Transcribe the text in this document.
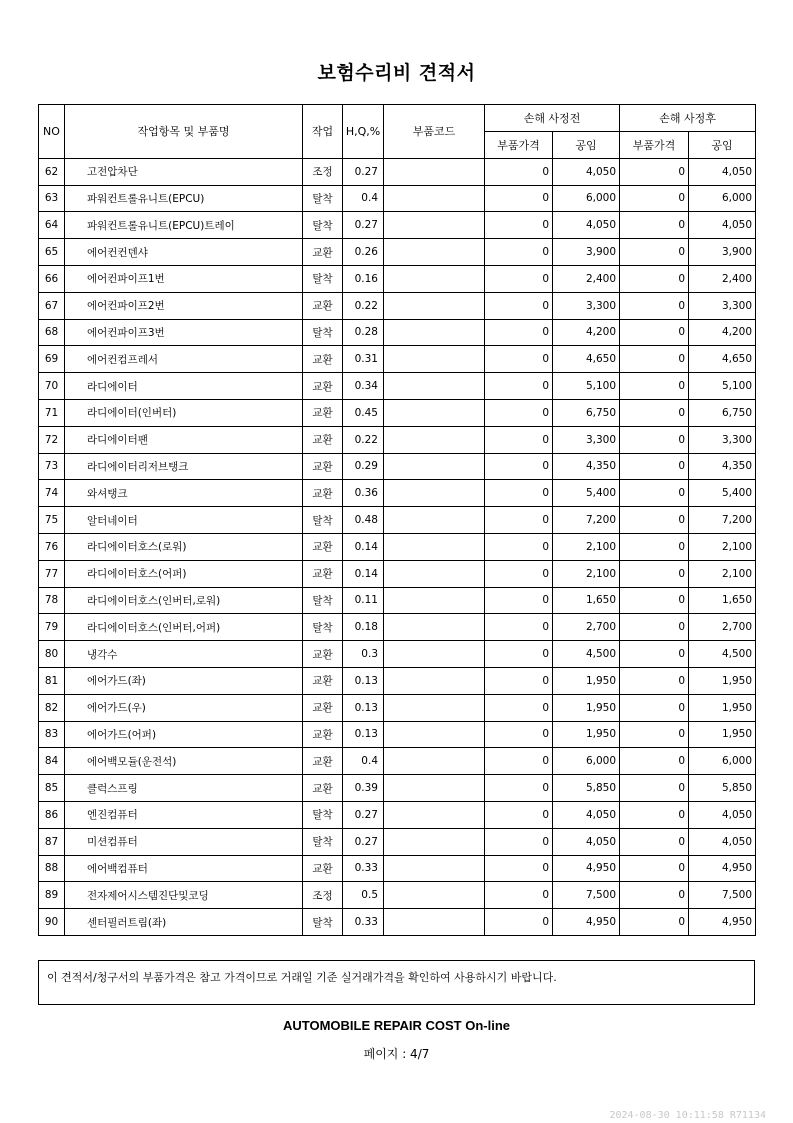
보험수리비 견적서
NO	작업항목 및 부품명	작업	H,Q,%	부품코드	손해 사정전		손해 사정후	
					부품가격	공임	부품가격	공임
62	고전압차단	조정	0.27		0	4,050	0	4,050
63	파워컨트롤유니트(EPCU)	탈착	0.4		0	6,000	0	6,000
64	파워컨트롤유니트(EPCU)트레이	탈착	0.27		0	4,050	0	4,050
65	에어컨컨덴샤	교환	0.26		0	3,900	0	3,900
66	에어컨파이프1번	탈착	0.16		0	2,400	0	2,400
67	에어컨파이프2번	교환	0.22		0	3,300	0	3,300
68	에어컨파이프3번	탈착	0.28		0	4,200	0	4,200
69	에어컨컴프레서	교환	0.31		0	4,650	0	4,650
70	라디에이터	교환	0.34		0	5,100	0	5,100
71	라디에이터(인버터)	교환	0.45		0	6,750	0	6,750
72	라디에이터팬	교환	0.22		0	3,300	0	3,300
73	라디에이터리저브탱크	교환	0.29		0	4,350	0	4,350
74	와셔탱크	교환	0.36		0	5,400	0	5,400
75	알터네이터	탈착	0.48		0	7,200	0	7,200
76	라디에이터호스(로워)	교환	0.14		0	2,100	0	2,100
77	라디에이터호스(어퍼)	교환	0.14		0	2,100	0	2,100
78	라디에이터호스(인버터,로워)	탈착	0.11		0	1,650	0	1,650
79	라디에이터호스(인버터,어퍼)	탈착	0.18		0	2,700	0	2,700
80	냉각수	교환	0.3		0	4,500	0	4,500
81	에어가드(좌)	교환	0.13		0	1,950	0	1,950
82	에어가드(우)	교환	0.13		0	1,950	0	1,950
83	에어가드(어퍼)	교환	0.13		0	1,950	0	1,950
84	에어백모듈(운전석)	교환	0.4		0	6,000	0	6,000
85	클럭스프링	교환	0.39		0	5,850	0	5,850
86	엔진컴퓨터	탈착	0.27		0	4,050	0	4,050
87	미션컴퓨터	탈착	0.27		0	4,050	0	4,050
88	에어백컴퓨터	교환	0.33		0	4,950	0	4,950
89	전자제어시스템진단및코딩	조정	0.5		0	7,500	0	7,500
90	센터필러트림(좌)	탈착	0.33		0	4,950	0	4,950
이 견적서/청구서의 부품가격은 참고 가격이므로 거래일 기준 실거래가격을 확인하여 사용하시기 바랍니다.
AUTOMOBILE REPAIR COST On-line
페이지 : 4/7
2024-08-30 10:11:58 R71134
